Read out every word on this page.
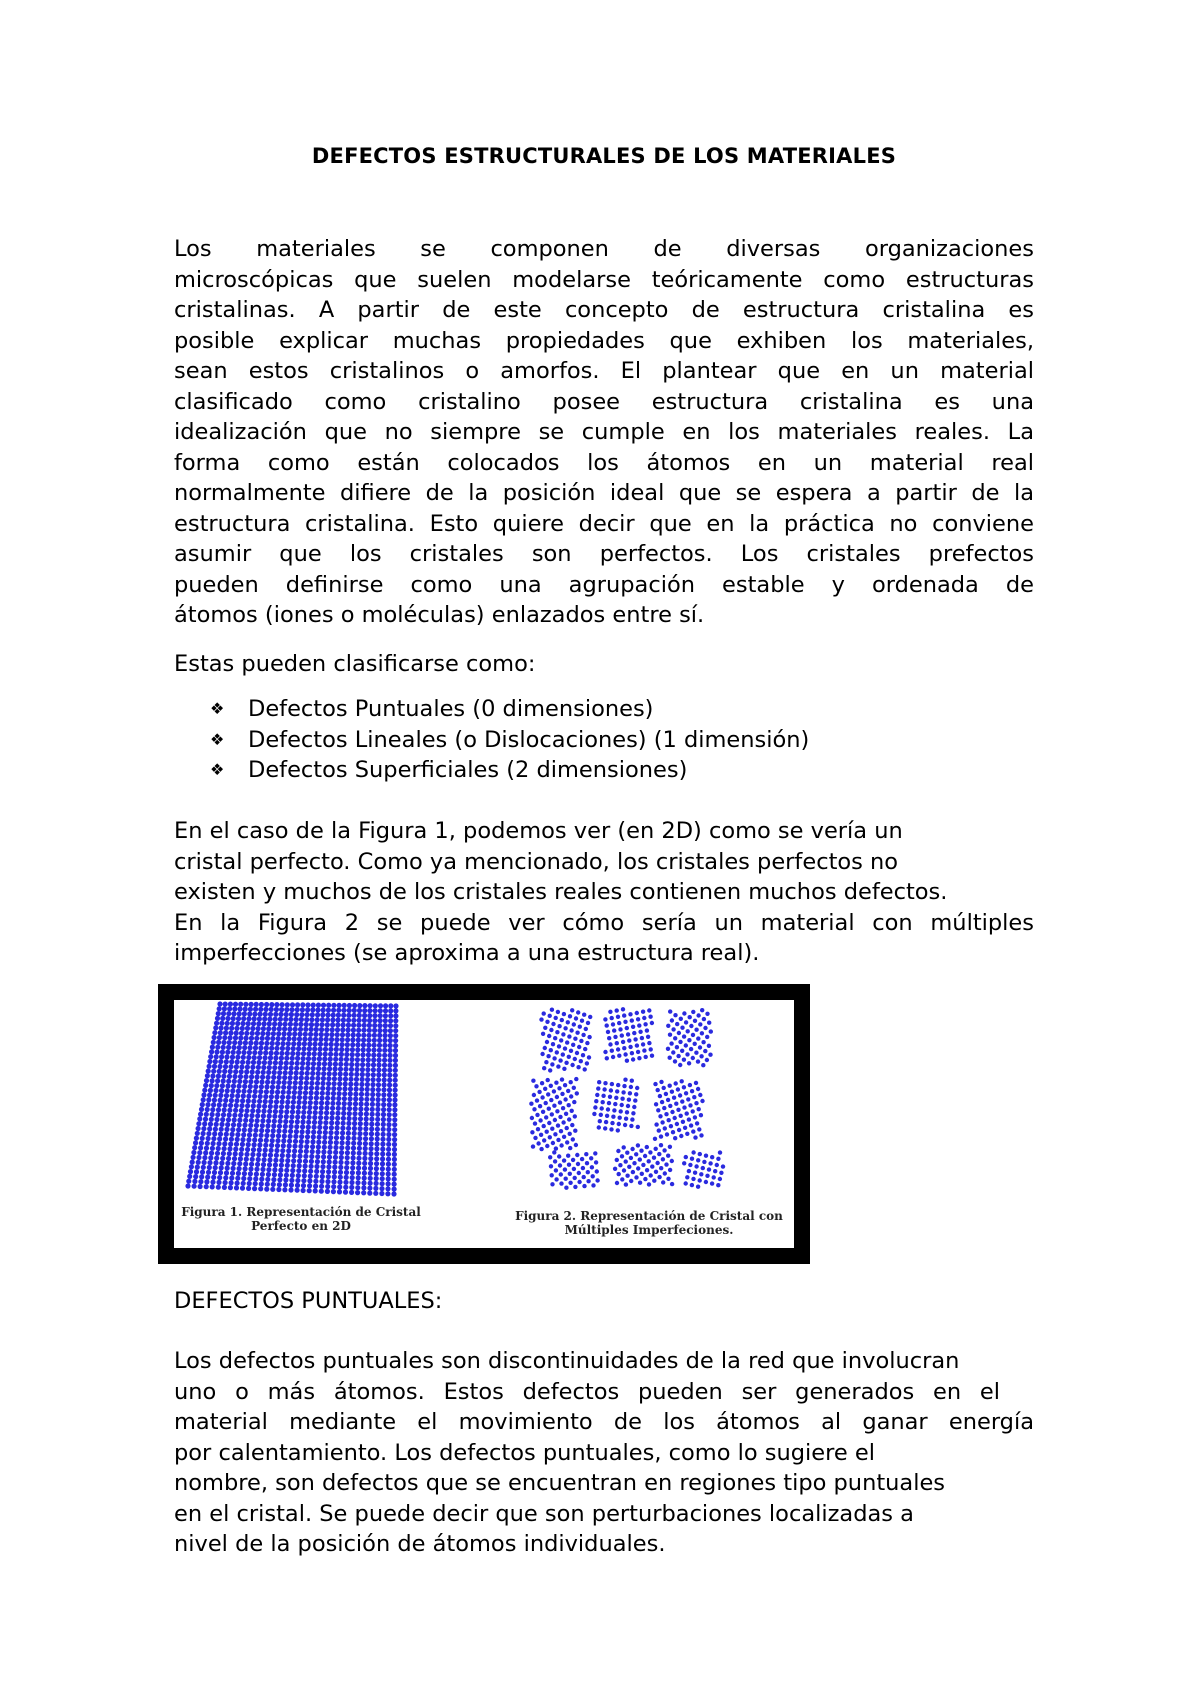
DEFECTOS ESTRUCTURALES DE LOS MATERIALES
Los materiales se componen de diversas organizaciones
microscópicas que suelen modelarse teóricamente como estructuras
cristalinas. A partir de este concepto de estructura cristalina es
posible explicar muchas propiedades que exhiben los materiales,
sean estos cristalinos o amorfos. El plantear que en un material
clasificado como cristalino posee estructura cristalina es una
idealización que no siempre se cumple en los materiales reales. La
forma como están colocados los átomos en un material real
normalmente difiere de la posición ideal que se espera a partir de la
estructura cristalina. Esto quiere decir que en la práctica no conviene
asumir que los cristales son perfectos. Los cristales prefectos
pueden definirse como una agrupación estable y ordenada de
átomos (iones o moléculas) enlazados entre sí.
Estas pueden clasificarse como:
❖ Defectos Puntuales (0 dimensiones)
❖ Defectos Lineales (o Dislocaciones) (1 dimensión)
❖ Defectos Superficiales (2 dimensiones)
En el caso de la Figura 1, podemos ver (en 2D) como se vería un
cristal perfecto. Como ya mencionado, los cristales perfectos no
existen y muchos de los cristales reales contienen muchos defectos.
En la Figura 2 se puede ver cómo sería un material con múltiples
imperfecciones (se aproxima a una estructura real).
Figura 1. Representación de Cristal
Perfecto en 2D
Figura 2. Representación de Cristal con
Múltiples Imperfeciones.
DEFECTOS PUNTUALES:
Los defectos puntuales son discontinuidades de la red que involucran
uno o más átomos. Estos defectos pueden ser generados en el
material mediante el movimiento de los átomos al ganar energía
por calentamiento. Los defectos puntuales, como lo sugiere el
nombre, son defectos que se encuentran en regiones tipo puntuales
en el cristal. Se puede decir que son perturbaciones localizadas a
nivel de la posición de átomos individuales.
